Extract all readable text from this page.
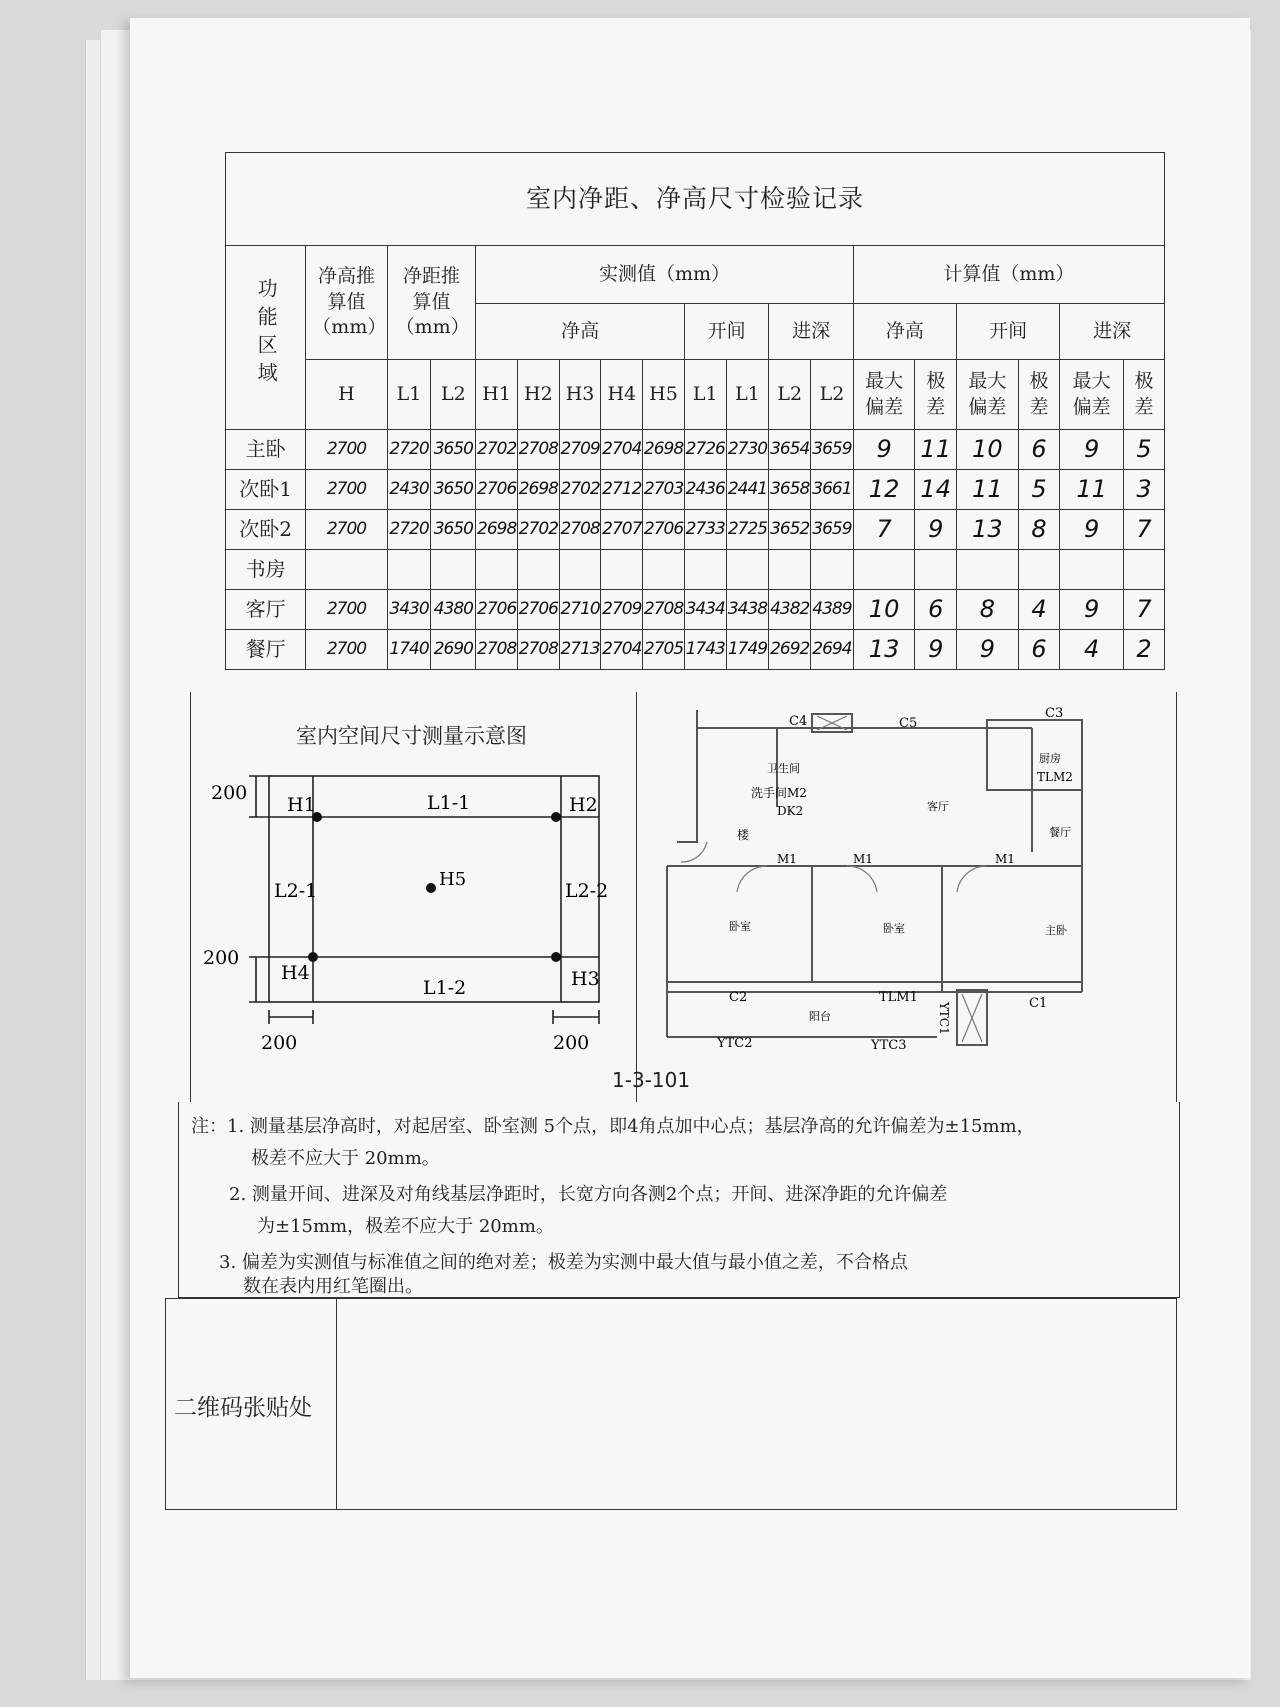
室内净距、净高尺寸检验记录																		
功能区域	净高推算值（mm）	净距推算值（mm）		实测值（mm）									计算值（mm）					
				净高					开间		进深		净高		开间		进深	
	H	L1	L2	H1	H2	H3	H4	H5	L1	L1	L2	L2	最大偏差	极差	最大偏差	极差	最大偏差	极差
主卧	2700	2720	3650	2702	2708	2709	2704	2698	2726	2730	3654	3659	9	11	10	6	9	5
次卧1	2700	2430	3650	2706	2698	2702	2712	2703	2436	2441	3658	3661	12	14	11	5	11	3
次卧2	2700	2720	3650	2698	2702	2708	2707	2706	2733	2725	3652	3659	7	9	13	8	9	7
书房																		
客厅	2700	3430	4380	2706	2706	2710	2709	2708	3434	3438	4382	4389	10	6	8	4	9	7
餐厅	2700	1740	2690	2708	2708	2713	2704	2705	1743	1749	2692	2694	13	9	9	6	4	2
室内空间尺寸测量示意图
200
200
200	200
H1	H2
H3
H4
H5
L1-1
L1-2
L2-1	L2-2
C4	C5
C3
厨房
TLM2
卫生间
洗手间M2
DK2
楼
客厅
餐厅
M1	M1	M1
卧室	卧室	主卧
C2	TLM1
YTC1	C1
阳台
YTC2	YTC3
1-3-101
注：1. 测量基层净高时，对起居室、卧室测 5个点，即4角点加中心点；基层净高的允许偏差为±15mm，
极差不应大于 20mm。
2. 测量开间、进深及对角线基层净距时，长宽方向各测2个点；开间、进深净距的允许偏差
为±15mm，极差不应大于 20mm。
3. 偏差为实测值与标准值之间的绝对差；极差为实测中最大值与最小值之差，不合格点
数在表内用红笔圈出。
二维码张贴处
